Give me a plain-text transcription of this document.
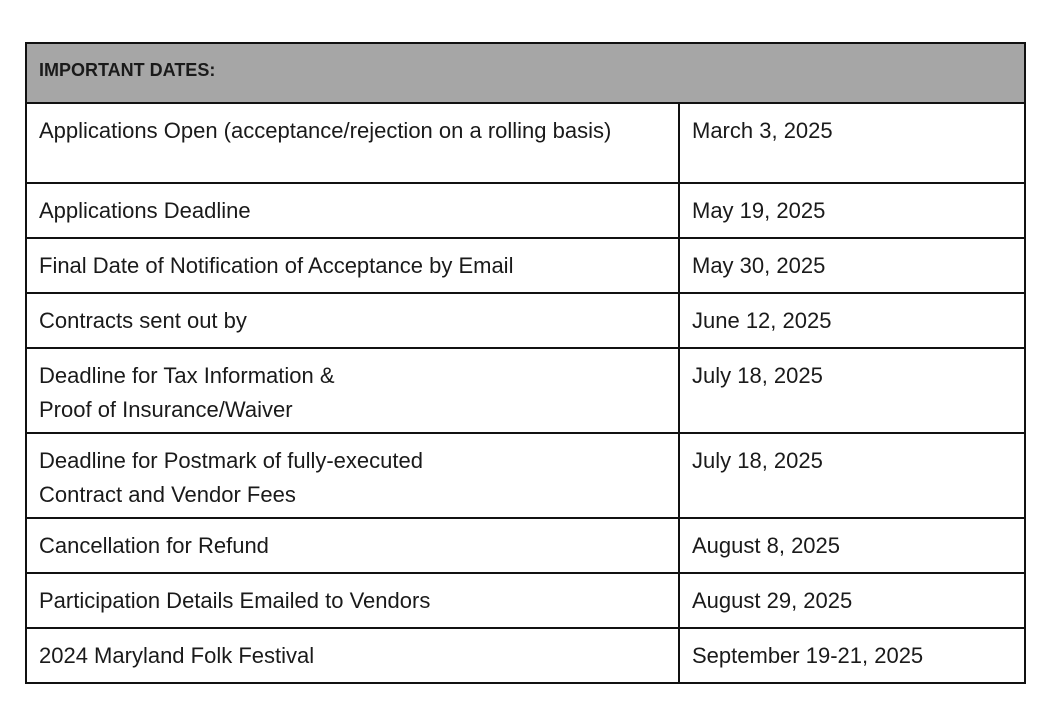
IMPORTANT DATES:	
Applications Open (acceptance/rejection on a rolling basis)	March 3, 2025
Applications Deadline	May 19, 2025
Final Date of Notification of Acceptance by Email	May 30, 2025
Contracts sent out by	June 12, 2025
Deadline for Tax Information &
Proof of Insurance/Waiver	July 18, 2025
Deadline for Postmark of fully-executed
Contract and Vendor Fees	July 18, 2025
Cancellation for Refund	August 8, 2025
Participation Details Emailed to Vendors	August 29, 2025
2024 Maryland Folk Festival	September 19-21, 2025
